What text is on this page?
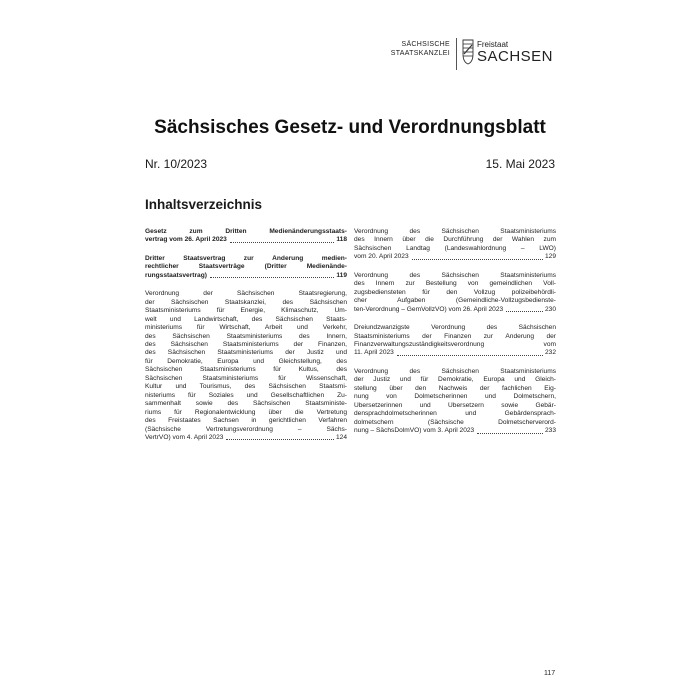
SÄCHSISCHE
STAATSKANZLEI
Freistaat
SACHSEN
Sächsisches Gesetz- und Verordnungsblatt
Nr. 10/2023	15. Mai 2023
Inhaltsverzeichnis
Gesetz zum Dritten Medienänderungsstaats-
vertrag vom 26. April 2023	118
Dritter Staatsvertrag zur Änderung medien-
rechtlicher Staatsverträge (Dritter Medienände-
rungsstaatsvertrag)	119
Verordnung der Sächsischen Staatsregierung,
der Sächsischen Staatskanzlei, des Sächsischen
Staatsministeriums für Energie, Klimaschutz, Um-
welt und Landwirtschaft, des Sächsischen Staats-
ministeriums für Wirtschaft, Arbeit und Verkehr,
des Sächsischen Staatsministeriums des Innern,
des Sächsischen Staatsministeriums der Finanzen,
des Sächsischen Staatsministeriums der Justiz und
für Demokratie, Europa und Gleichstellung, des
Sächsischen Staatsministeriums für Kultus, des
Sächsischen Staatsministeriums für Wissenschaft,
Kultur und Tourismus, des Sächsischen Staatsmi-
nisteriums für Soziales und Gesellschaftlichen Zu-
sammenhalt sowie des Sächsischen Staatsministe-
riums für Regionalentwicklung über die Vertretung
des Freistaates Sachsen in gerichtlichen Verfahren
(Sächsische Vertretungsverordnung – Sächs-
VertrVO) vom 4. April 2023	124
Verordnung des Sächsischen Staatsministeriums
des Innern über die Durchführung der Wahlen zum
Sächsischen Landtag (Landeswahlordnung – LWO)
vom 20. April 2023	129
Verordnung des Sächsischen Staatsministeriums
des Innern zur Bestellung von gemeindlichen Voll-
zugsbediensteten für den Vollzug polizeibehördli-
cher Aufgaben (Gemeindliche-Vollzugsbedienste-
ten-Verordnung – GemVollzVO) vom 26. April 2023	230
Dreiundzwanzigste Verordnung des Sächsischen
Staatsministeriums der Finanzen zur Änderung der
Finanzverwaltungszuständigkeitsverordnung vom
11. April 2023	232
Verordnung des Sächsischen Staatsministeriums
der Justiz und für Demokratie, Europa und Gleich-
stellung über den Nachweis der fachlichen Eig-
nung von Dolmetscherinnen und Dolmetschern,
Übersetzerinnen und Übersetzern sowie Gebär-
densprachdolmetscherinnen und Gebärdensprach-
dolmetschern (Sächsische Dolmetscherverord-
nung – SächsDolmVO) vom 3. April 2023	233
117
